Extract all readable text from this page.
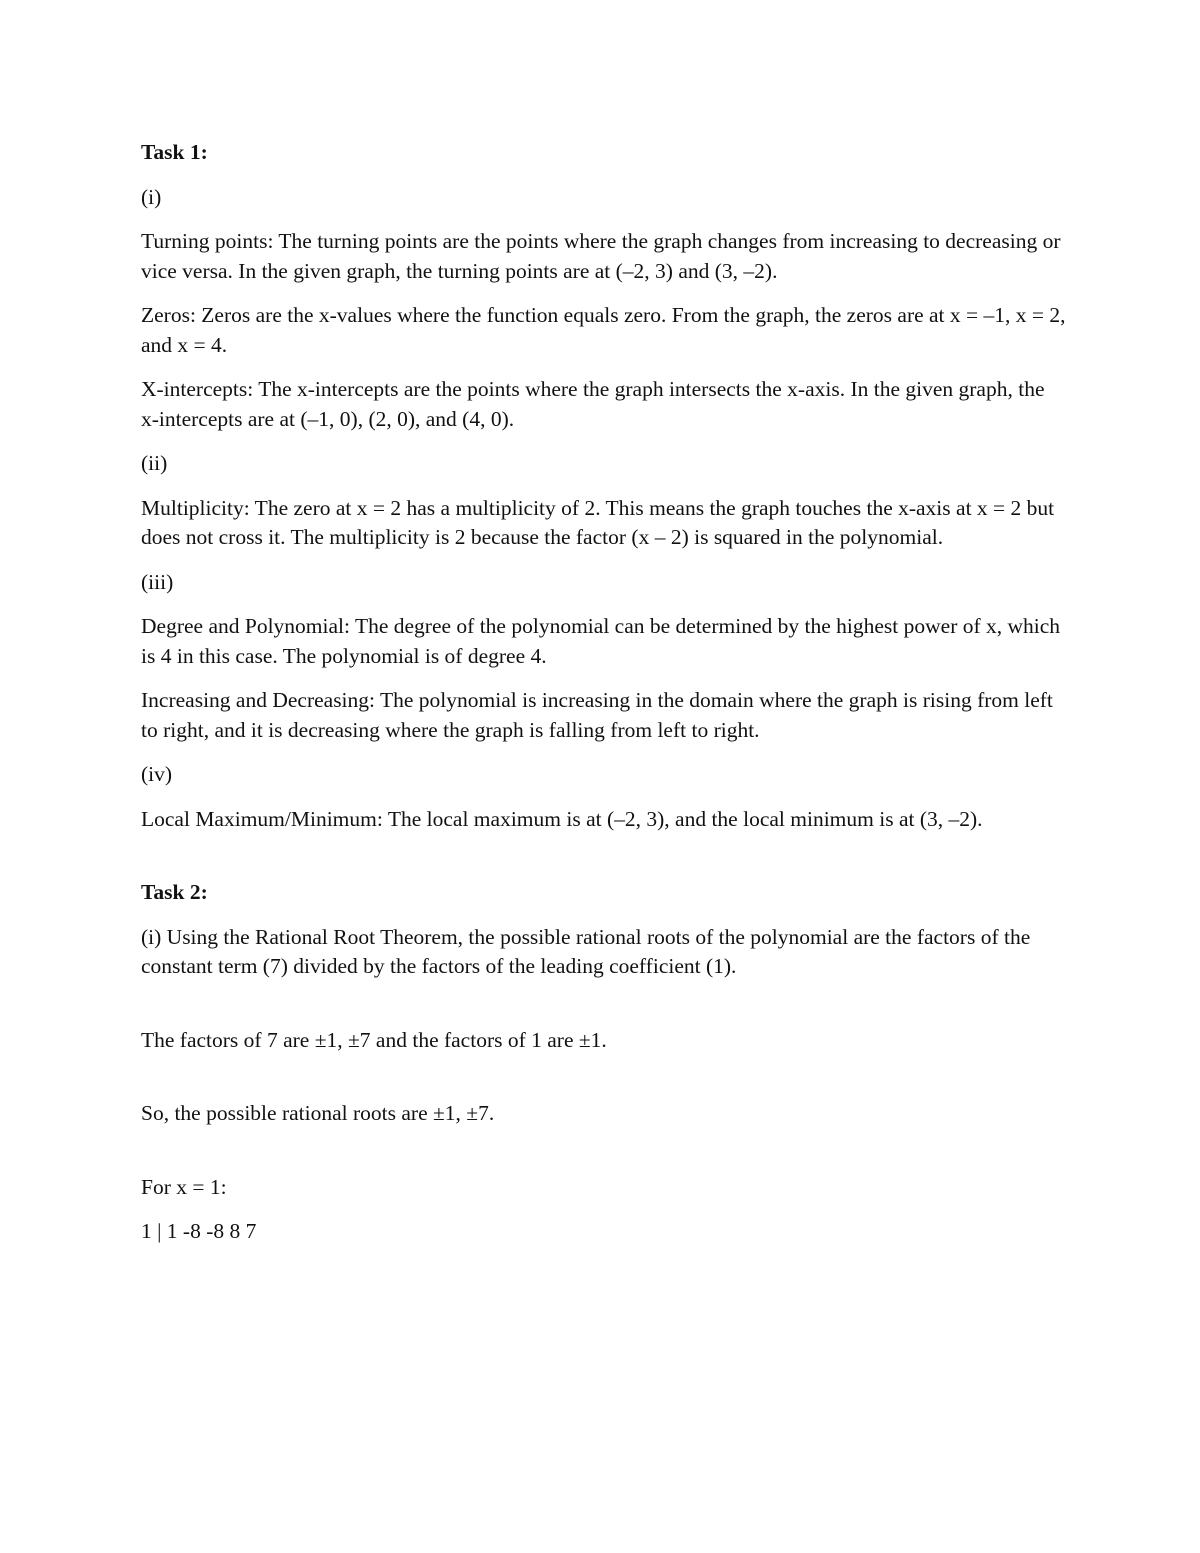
Task 1:

(i)

Turning points: The turning points are the points where the graph changes from increasing to decreasing or vice versa. In the given graph, the turning points are at (–2, 3) and (3, –2).

Zeros: Zeros are the x-values where the function equals zero. From the graph, the zeros are at x = –1, x = 2, and x = 4.

X-intercepts: The x-intercepts are the points where the graph intersects the x-axis. In the given graph, the x-intercepts are at (–1, 0), (2, 0), and (4, 0).

(ii)

Multiplicity: The zero at x = 2 has a multiplicity of 2. This means the graph touches the x-axis at x = 2 but does not cross it. The multiplicity is 2 because the factor (x – 2) is squared in the polynomial.

(iii)

Degree and Polynomial: The degree of the polynomial can be determined by the highest power of x, which is 4 in this case. The polynomial is of degree 4.

Increasing and Decreasing: The polynomial is increasing in the domain where the graph is rising from left to right, and it is decreasing where the graph is falling from left to right.

(iv)

Local Maximum/Minimum: The local maximum is at (–2, 3), and the local minimum is at (3, –2).

Task 2:

(i) Using the Rational Root Theorem, the possible rational roots of the polynomial are the factors of the constant term (7) divided by the factors of the leading coefficient (1).

The factors of 7 are ±1, ±7 and the factors of 1 are ±1.

So, the possible rational roots are ±1, ±7.

For x = 1:

1 | 1 -8 -8 8 7
